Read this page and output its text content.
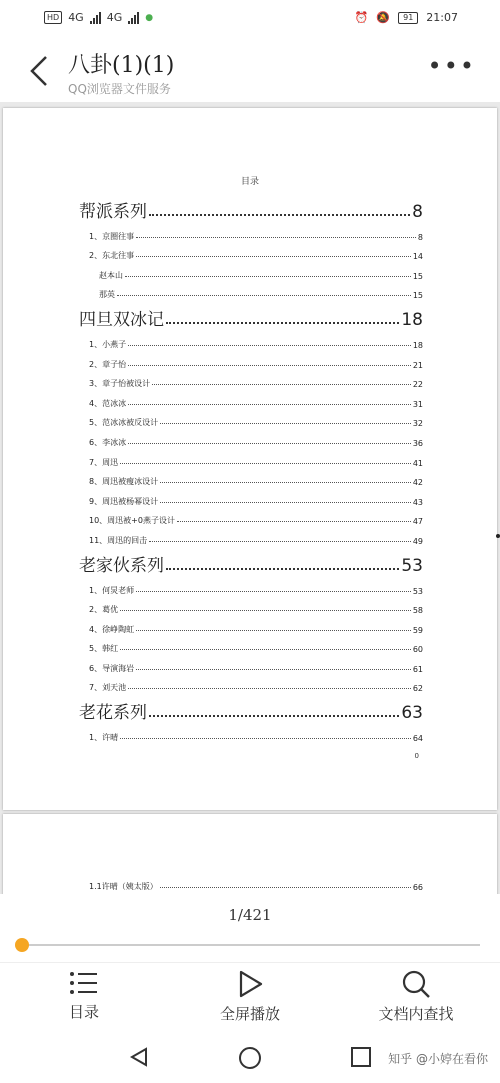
HD 4G 4G	●	⏰ 🔕	91	21:07
八卦(1)(1)
QQ浏览器文件服务
•••
目录
帮派系列	8
1、京圈往事	8
2、东北往事	14
赵本山	15
那英	15
四旦双冰记	18
1、小燕子	18
2、章子怡	21
3、章子怡被设计	22
4、范冰冰	31
5、范冰冰被反设计	32
6、李冰冰	36
7、周迅	41
8、周迅被瘦冰设计	42
9、周迅被杨幂设计	43
10、周迅被+0燕子设计	47
11、周迅的回击	49
老家伙系列	53
1、何炅老师	53
2、葛优	58
4、徐峥陶虹	59
5、韩红	60
6、导演海岩	61
7、刘天池	62
老花系列	63
1、许晴	64
0
1.1许晴（姨太版）	66
1/421
目录	全屏播放	文档内查找
知乎 @小婷在看你
